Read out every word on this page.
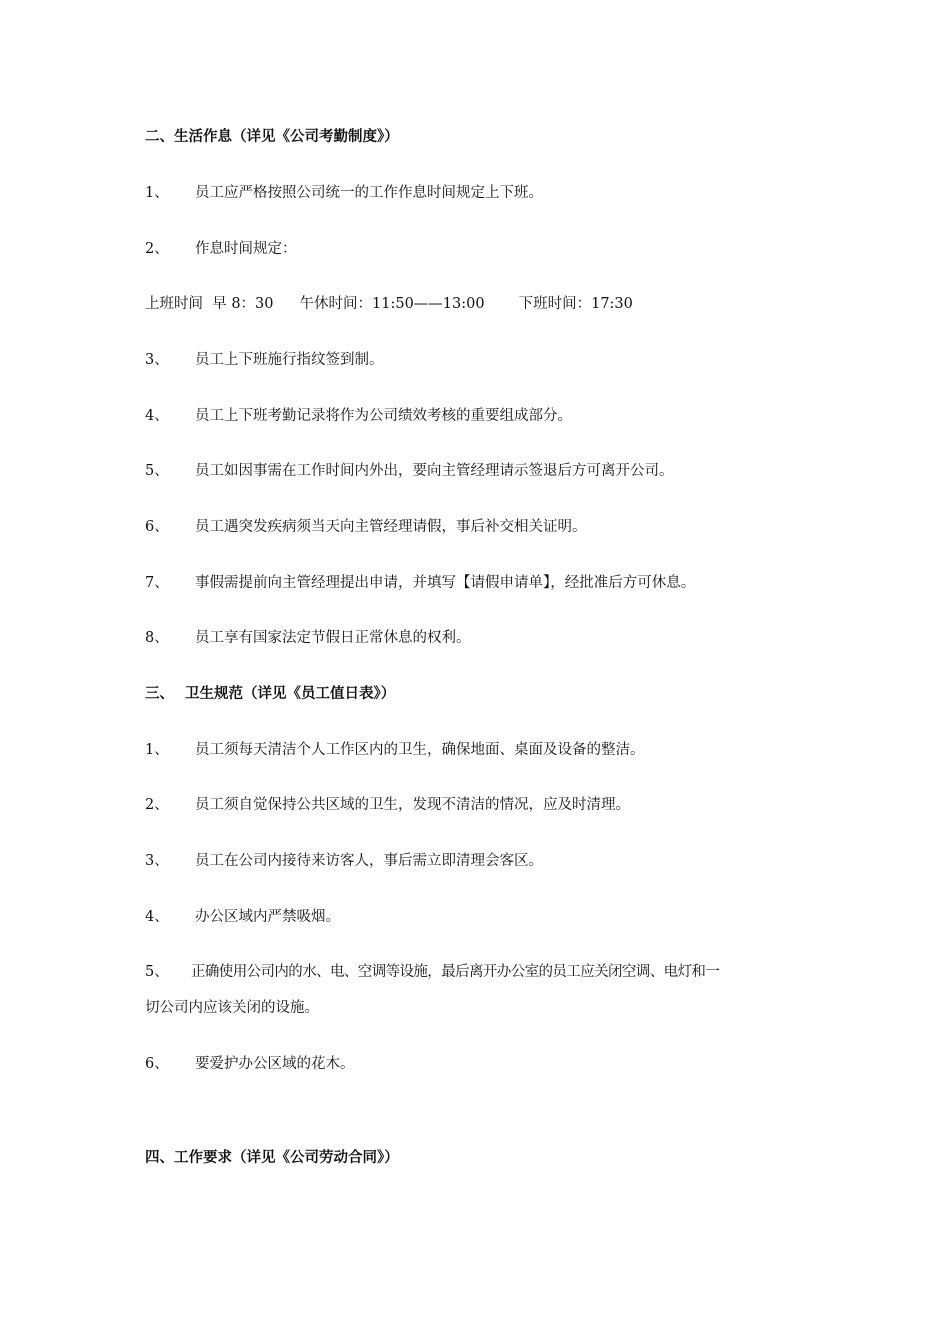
二、生活作息（详见《公司考勤制度》）
1、 员工应严格按照公司统一的工作作息时间规定上下班。
2、 作息时间规定：
上班时间  早 8：30 午休时间：11:50——13:00 下班时间：17:30
3、 员工上下班施行指纹签到制。
4、 员工上下班考勤记录将作为公司绩效考核的重要组成部分。
5、 员工如因事需在工作时间内外出，要向主管经理请示签退后方可离开公司。
6、 员工遇突发疾病须当天向主管经理请假，事后补交相关证明。
7、 事假需提前向主管经理提出申请，并填写【请假申请单】，经批准后方可休息。
8、 员工享有国家法定节假日正常休息的权利。
三、 卫生规范（详见《员工值日表》）
1、 员工须每天清洁个人工作区内的卫生，确保地面、桌面及设备的整洁。
2、 员工须自觉保持公共区域的卫生，发现不清洁的情况，应及时清理。
3、 员工在公司内接待来访客人，事后需立即清理会客区。
4、 办公区域内严禁吸烟。
5、 正确使用公司内的水、电、空调等设施，最后离开办公室的员工应关闭空调、电灯和一
切公司内应该关闭的设施。
6、 要爱护办公区域的花木。
四、工作要求（详见《公司劳动合同》）
